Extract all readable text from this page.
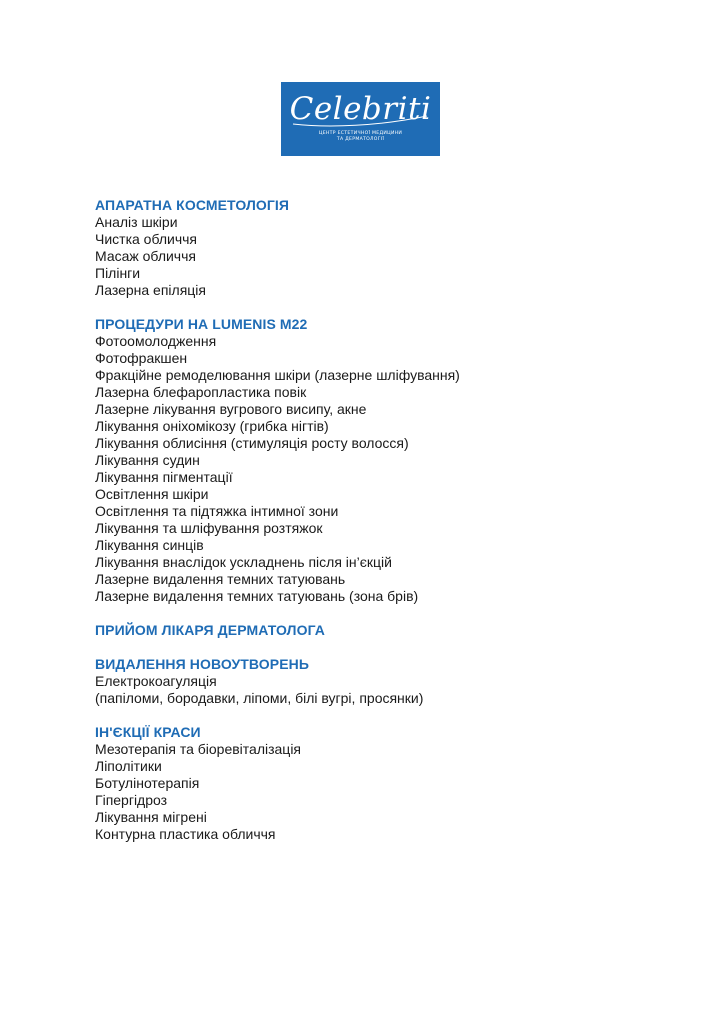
Celebriti
ЦЕНТР ЕСТЕТИЧНОЇ МЕДИЦИНИ
ТА ДЕРМАТОЛОГІЇ
АПАРАТНА КОСМЕТОЛОГІЯ
Аналіз шкіри
Чистка обличчя
Масаж обличчя
Пілінги
Лазерна епіляція
ПРОЦЕДУРИ НА LUMENIS M22
Фотоомолодження
Фотофракшен
Фракційне ремоделювання шкіри (лазерне шліфування)
Лазерна блефаропластика повік
Лазерне лікування вугрового висипу, акне
Лікування оніхомікозу (грибка нігтів)
Лікування облисіння (стимуляція росту волосся)
Лікування судин
Лікування пігментації
Освітлення шкіри
Освітлення та підтяжка інтимної зони
Лікування та шліфування розтяжок
Лікування синців
Лікування внаслідок ускладнень після ін’єкцій
Лазерне видалення темних татуювань
Лазерне видалення темних татуювань (зона брів)
ПРИЙОМ ЛІКАРЯ ДЕРМАТОЛОГА
ВИДАЛЕННЯ НОВОУТВОРЕНЬ
Електрокоагуляція
(папіломи, бородавки, ліпоми, білі вугрі, просянки)
ІН'ЄКЦІЇ КРАСИ
Мезотерапія та біоревіталізація
Ліполітики
Ботулінотерапія
Гіпергідроз
Лікування мігрені
Контурна пластика обличчя
